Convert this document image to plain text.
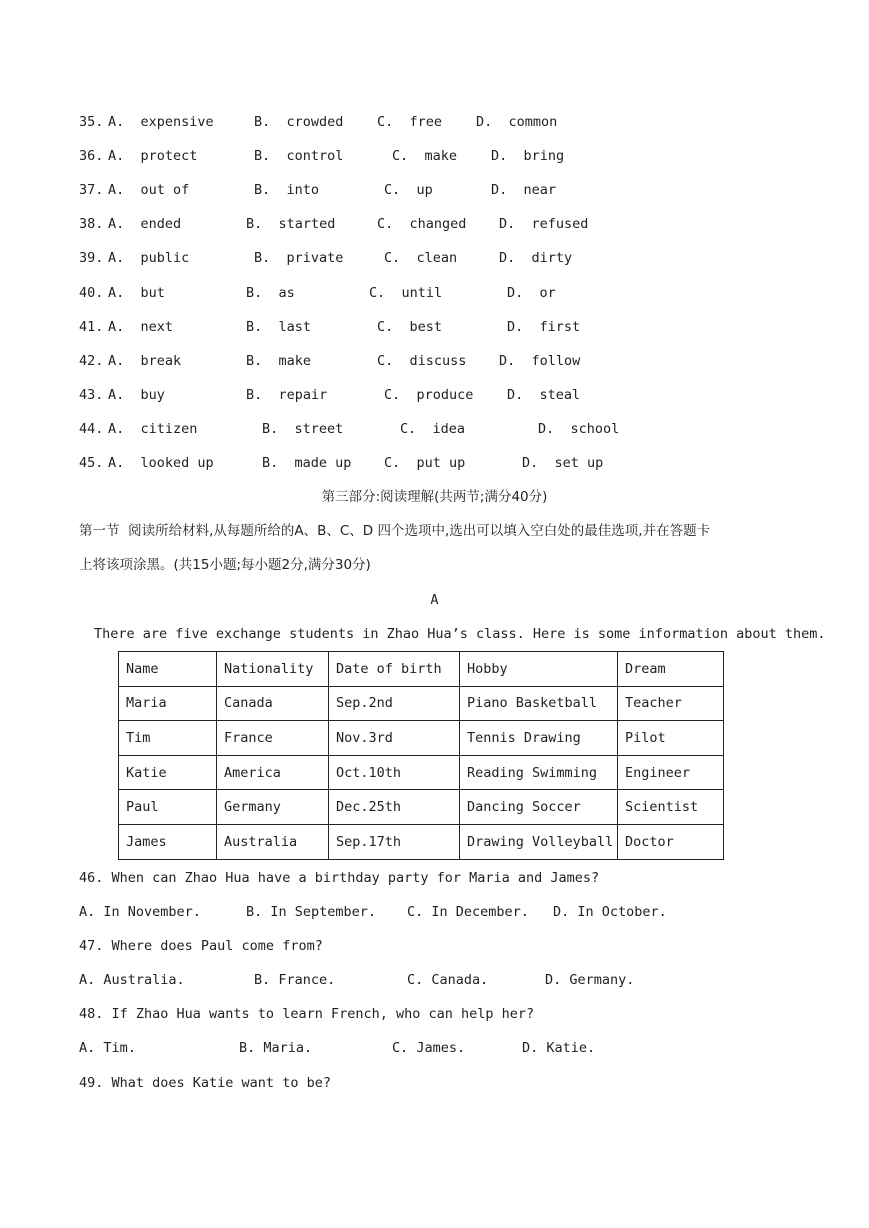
35.

A.  expensive

	B.  crowded

C.  free

	D.  common

36.

A.  protect

	B.  control

	C.  make

	D.  bring

37.

A.  out of

	B.  into

	C.  up

	D.  near

38.

A.  ended

	B.  started

	C.  changed

D.  refused

39.

A.  public

	B.  private

	C.  clean

	D.  dirty

40.

A.  but

	B.  as

	C.  until

	D.  or

41.

A.  next

	B.  last

	C.  best

	D.  first

42.

A.  break

	B.  make

	C.  discuss

D.  follow

43.

A.  buy

	B.  repair

	C.  produce

D.  steal

44.

A.  citizen

	B.  street

	C.  idea

	D.  school

45.

A.  looked up

	B.  made up

C.  put up

	D.  set up

第三部分:阅读理解(共两节;满分40分)
第一节  阅读所给材料,从每题所给的A、B、C、D 四个选项中,选出可以填入空白处的最佳选项,并在答题卡
上将该项涂黑。(共15小题;每小题2分,满分30分)
A
There are five exchange students in Zhao Hua’s class. Here is some information about them.
Name	Nationality	Date of birth	Hobby	Dream
Maria	Canada	Sep.2nd	Piano Basketball	Teacher
Tim	France	Nov.3rd	Tennis Drawing	Pilot
Katie	America	Oct.10th	Reading Swimming	Engineer
Paul	Germany	Dec.25th	Dancing Soccer	Scientist
James	Australia	Sep.17th	Drawing Volleyball	Doctor
46. When can Zhao Hua have a birthday party for Maria and James?

A. In November.

	B. In September.

C. In December.

D. In October.

47. Where does Paul come from?

A. Australia.

	B. France.

	C. Canada.

	D. Germany.

48. If Zhao Hua wants to learn French, who can help her?

A. Tim.

	B. Maria.

	C. James.

	D. Katie.

49. What does Katie want to be?
